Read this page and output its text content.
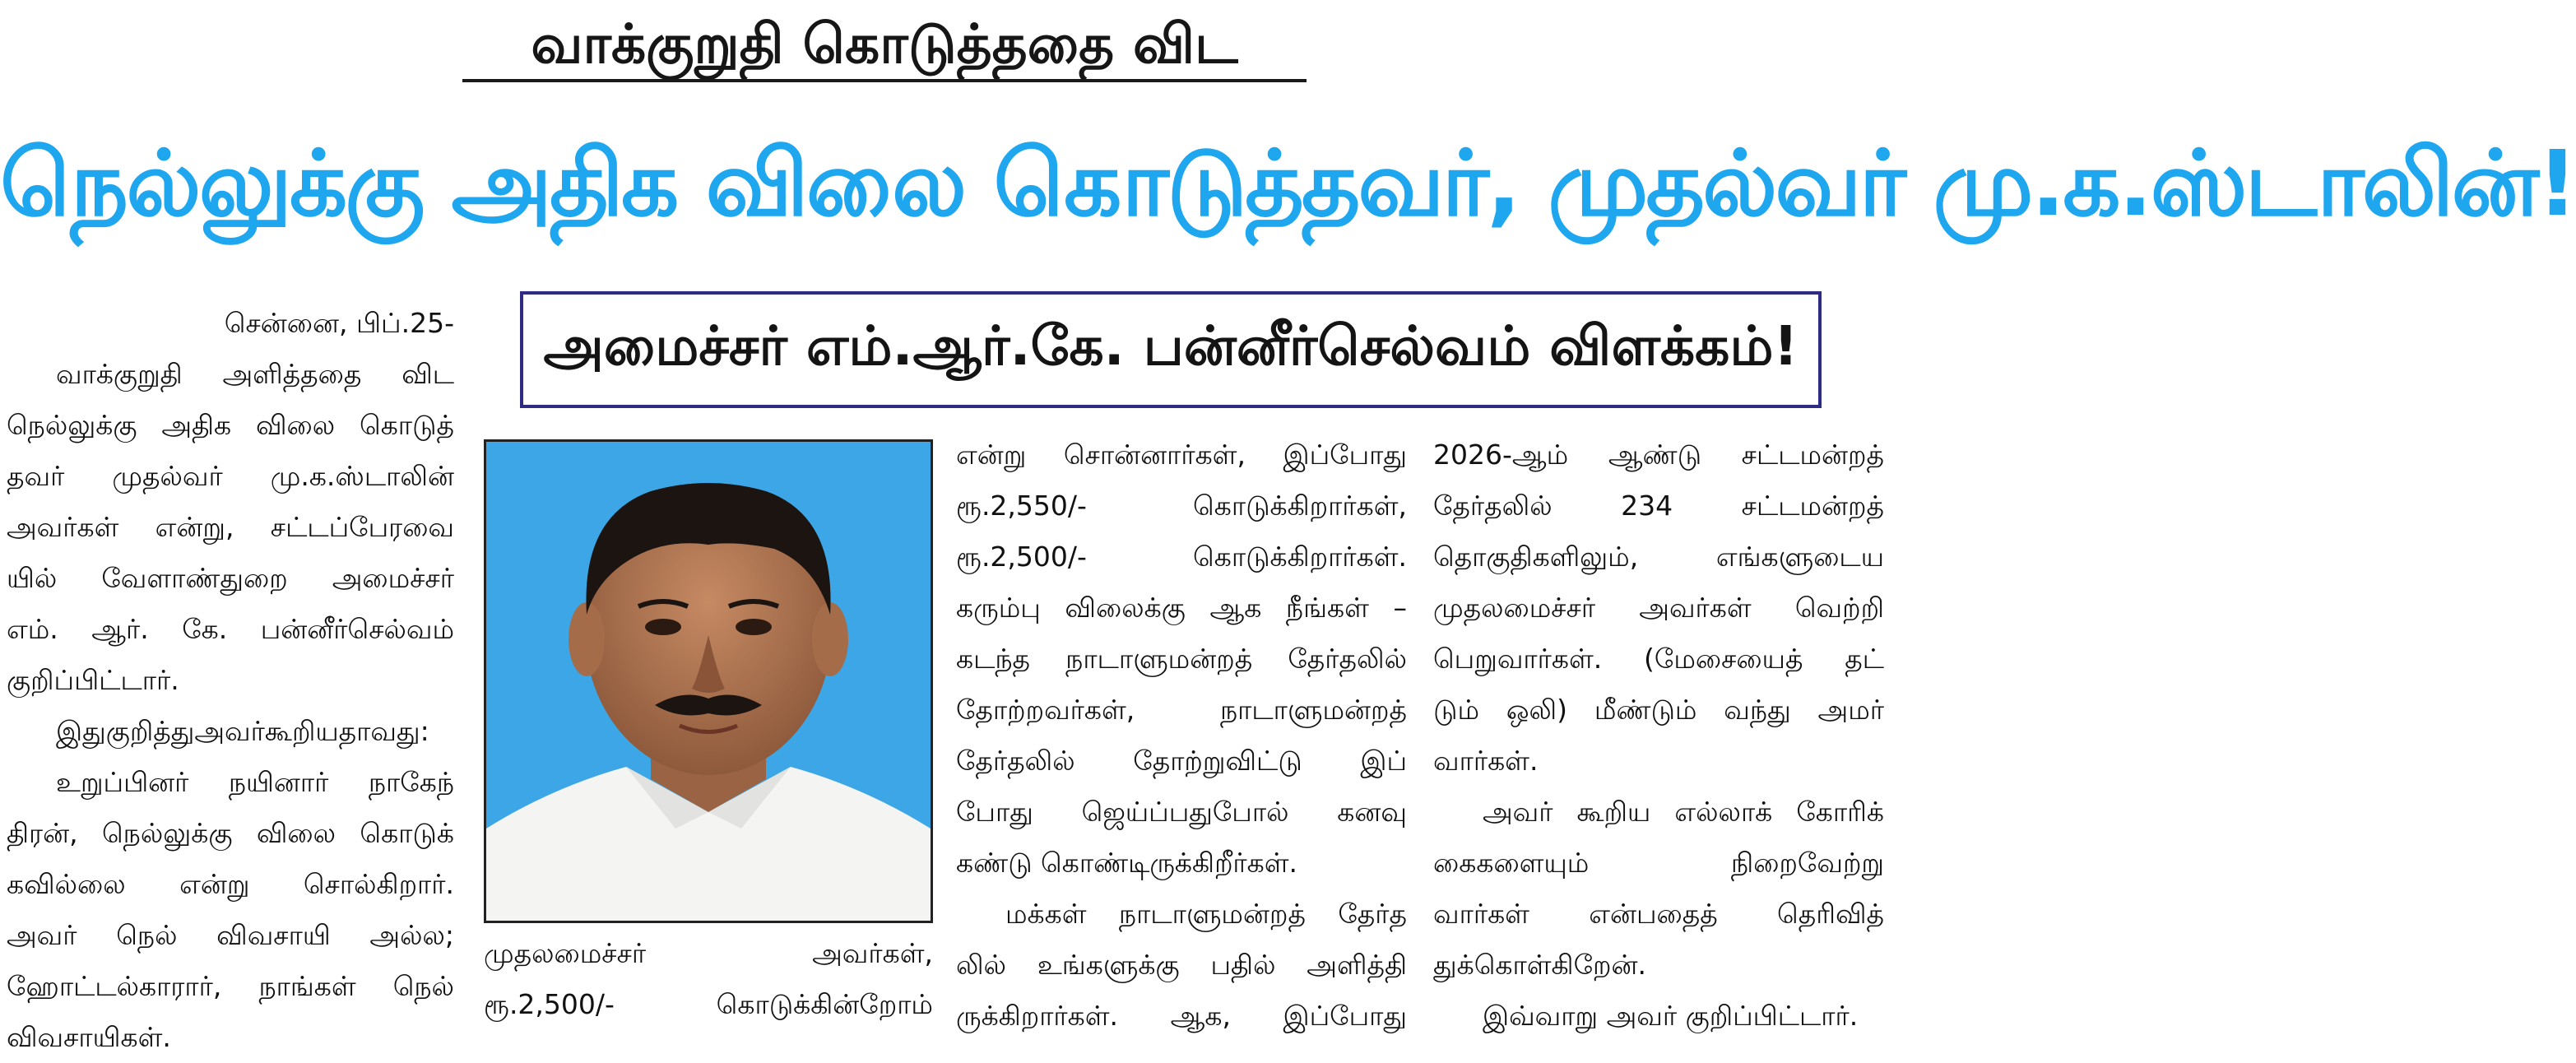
வாக்குறுதி கொடுத்ததை விட
நெல்லுக்கு அதிக விலை கொடுத்தவர், முதல்வர் மு.க.ஸ்டாலின்!
அமைச்சர் எம்.ஆர்.கே. பன்னீர்செல்வம் விளக்கம்!
சென்னை, பிப்.25-
வாக்குறுதி அளித்ததை விட
நெல்லுக்கு அதிக விலை கொடுத்
தவர் முதல்வர் மு.க.ஸ்டாலின்
அவர்கள் என்று, சட்டப்பேரவை
யில் வேளாண்துறை அமைச்சர்
எம். ஆர். கே. பன்னீர்செல்வம்
குறிப்பிட்டார்.
இதுகுறித்துஅவர்கூறியதாவது:
உறுப்பினர் நயினார் நாகேந்
திரன், நெல்லுக்கு விலை கொடுக்
கவில்லை என்று சொல்கிறார்.
அவர் நெல் விவசாயி அல்ல;
ஹோட்டல்காரார், நாங்கள் நெல்
விவசாயிகள்.
முதலமைச்சர் அவர்கள்,
ரூ.2,500/- கொடுக்கின்றோம்
என்று சொன்னார்கள், இப்போது
ரூ.2,550/- கொடுக்கிறார்கள்,
ரூ.2,500/- கொடுக்கிறார்கள்.
கரும்பு விலைக்கு ஆக நீங்கள் –
கடந்த நாடாளுமன்றத் தேர்தலில்
தோற்றவர்கள், நாடாளுமன்றத்
தேர்தலில் தோற்றுவிட்டு இப்
போது ஜெய்ப்பதுபோல் கனவு
கண்டு கொண்டிருக்கிறீர்கள்.
மக்கள் நாடாளுமன்றத் தேர்த
லில் உங்களுக்கு பதில் அளித்தி
ருக்கிறார்கள். ஆக, இப்போது
2026-ஆம் ஆண்டு சட்டமன்றத்
தேர்தலில் 234 சட்டமன்றத்
தொகுதிகளிலும், எங்களுடைய
முதலமைச்சர் அவர்கள் வெற்றி
பெறுவார்கள். (மேசையைத் தட்
டும் ஒலி) மீண்டும் வந்து அமர்
வார்கள்.
அவர் கூறிய எல்லாக் கோரிக்
கைகளையும் நிறைவேற்று
வார்கள் என்பதைத் தெரிவித்
துக்கொள்கிறேன்.
இவ்வாறு அவர் குறிப்பிட்டார்.
